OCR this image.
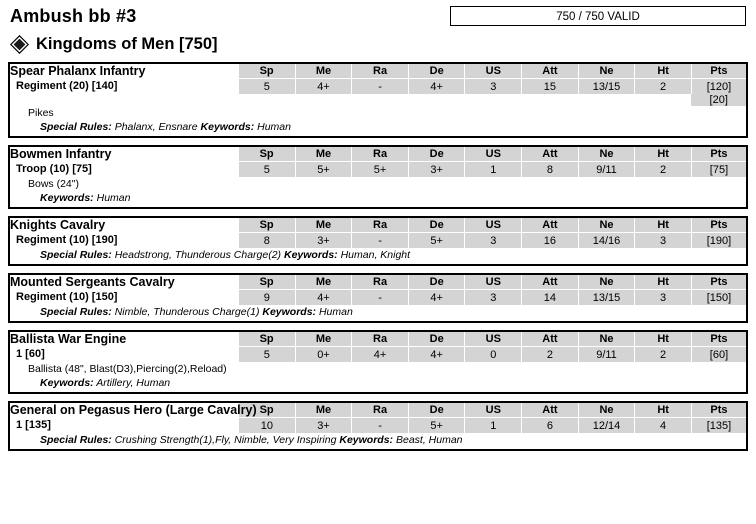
Ambush bb #3	750 / 750 VALID
Kingdoms of Men [750]
Spear Phalanx Infantry	Sp	Me	Ra	De	US	Att	Ne	Ht	Pts

Regiment (20) [140]	5	4+	-	4+	3	15	13/15	2	[120]
									[20]
Pikes
Special Rules: Phalanx, Ensnare Keywords: Human
Bowmen Infantry	Sp	Me	Ra	De	US	Att	Ne	Ht	Pts

Troop (10) [75]	5	5+	5+	3+	1	8	9/11	2	[75]
Bows (24")
Keywords: Human
Knights Cavalry	Sp	Me	Ra	De	US	Att	Ne	Ht	Pts

Regiment (10) [190]	8	3+	-	5+	3	16	14/16	3	[190]
Special Rules: Headstrong, Thunderous Charge(2) Keywords: Human, Knight
Mounted Sergeants Cavalry	Sp	Me	Ra	De	US	Att	Ne	Ht	Pts

Regiment (10) [150]	9	4+	-	4+	3	14	13/15	3	[150]
Special Rules: Nimble, Thunderous Charge(1) Keywords: Human
Ballista War Engine	Sp	Me	Ra	De	US	Att	Ne	Ht	Pts

1 [60]	5	0+	4+	4+	0	2	9/11	2	[60]
Ballista (48", Blast(D3),Piercing(2),Reload)
Keywords: Artillery, Human
General on Pegasus Hero (Large Cavalry)	Sp	Me	Ra	De	US	Att	Ne	Ht	Pts

1 [135]	10	3+	-	5+	1	6	12/14	4	[135]
Special Rules: Crushing Strength(1),Fly, Nimble, Very Inspiring Keywords: Beast, Human
